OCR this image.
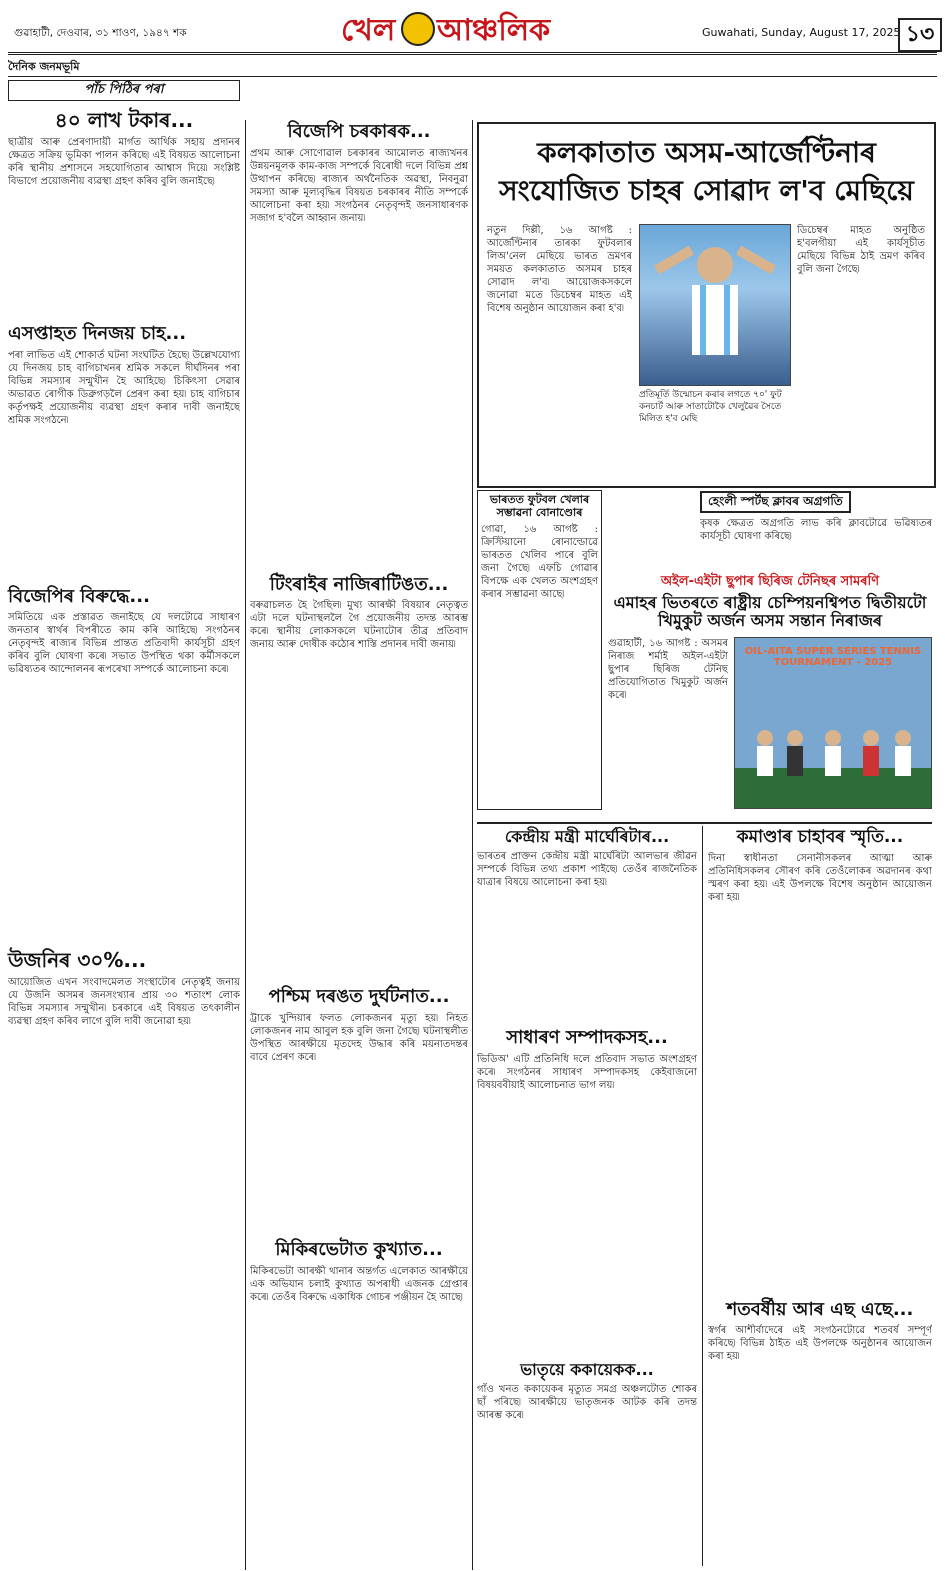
গুৱাহাটী, দেওবাৰ, ৩১ শাওণ, ১৯৪৭ শক	খেল আঞ্চলিক	Guwahati, Sunday, August 17, 2025 ১৩
দৈনিক জনমভূমি
পাঁচ পিঠিৰ পৰা
৪০ লাখ টকাৰ...
ছাত্ৰীয় আৰু প্ৰেৰণাদায়ী মাৰ্গত আৰ্থিক সহায় প্ৰদানৰ ক্ষেত্ৰত সক্ৰিয় ভূমিকা পালন কৰিছে৷ এই বিষয়ত আলোচনা কৰি স্থানীয় প্ৰশাসনে সহযোগিতাৰ আশ্বাস দিয়ে৷ সংশ্লিষ্ট বিভাগে প্ৰয়োজনীয় ব্যৱস্থা গ্ৰহণ কৰিব বুলি জনাইছে৷
এসপ্তাহত দিনজয় চাহ...
পৰা লাভিত এই শোকাৰ্ত ঘটনা সংঘটিত হৈছে৷ উল্লেখযোগ্য যে দিনজয় চাহ বাগিচাখনৰ শ্ৰমিক সকলে দীৰ্ঘদিনৰ পৰা বিভিন্ন সমস্যাৰ সন্মুখীন হৈ আহিছে৷ চিকিৎসা সেৱাৰ অভাৱত ৰোগীক ডিব্ৰুগড়লৈ প্ৰেৰণ কৰা হয়৷ চাহ বাগিচাৰ কৰ্তৃপক্ষই প্ৰয়োজনীয় ব্যৱস্থা গ্ৰহণ কৰাৰ দাবী জনাইছে শ্ৰমিক সংগঠনে৷
বিজেপিৰ বিৰুদ্ধে...
সমিতিয়ে এক প্ৰস্তাৱত জনাইছে যে দলটোৱে সাধাৰণ জনতাৰ স্বাৰ্থৰ বিপৰীতে কাম কৰি আহিছে৷ সংগঠনৰ নেতৃবৃন্দই ৰাজ্যৰ বিভিন্ন প্ৰান্তত প্ৰতিবাদী কাৰ্যসূচী গ্ৰহণ কৰিব বুলি ঘোষণা কৰে৷ সভাত উপস্থিত থকা কৰ্মীসকলে ভৱিষ্যতৰ আন্দোলনৰ ৰূপৰেখা সম্পৰ্কে আলোচনা কৰে৷
উজনিৰ ৩০%...
আয়োজিত এখন সংবাদমেলত সংস্থাটোৰ নেতৃত্বই জনায় যে উজনি অসমৰ জনসংখ্যাৰ প্ৰায় ৩০ শতাংশ লোক বিভিন্ন সমস্যাৰ সন্মুখীন৷ চৰকাৰে এই বিষয়ত তৎকালীন ব্যৱস্থা গ্ৰহণ কৰিব লাগে বুলি দাবী জনোৱা হয়৷
বিজেপি চৰকাৰক...
প্ৰথম আৰু সোণোৱাল চৰকাৰৰ আমোলত ৰাজ্যখনৰ উন্নয়নমূলক কাম-কাজ সম্পৰ্কে বিৰোধী দলে বিভিন্ন প্ৰশ্ন উত্থাপন কৰিছে৷ ৰাজ্যৰ অৰ্থনৈতিক অৱস্থা, নিবনুৱা সমস্যা আৰু মূল্যবৃদ্ধিৰ বিষয়ত চৰকাৰৰ নীতি সম্পৰ্কে আলোচনা কৰা হয়৷ সংগঠনৰ নেতৃবৃন্দই জনসাধাৰণক সজাগ হ'বলৈ আহ্বান জনায়৷
টিংৰাইৰ নাজিৰাটিঙত...
বৰুৱাচলত হৈ গৈছিল৷ মুখ্য আৰক্ষী বিষয়াৰ নেতৃত্বত এটা দলে ঘটনাস্থললৈ গৈ প্ৰয়োজনীয় তদন্ত আৰম্ভ কৰে৷ স্থানীয় লোকসকলে ঘটনাটোৰ তীব্ৰ প্ৰতিবাদ জনায় আৰু দোষীক কঠোৰ শাস্তি প্ৰদানৰ দাবী জনায়৷
পশ্চিম দৰঙত দুৰ্ঘটনাত...
ট্ৰাকে খুন্দিয়াৰ ফলত লোকজনৰ মৃত্যু হয়৷ নিহত লোকজনৰ নাম আবুল হক বুলি জনা গৈছে৷ ঘটনাস্থলীত উপস্থিত আৰক্ষীয়ে মৃতদেহ উদ্ধাৰ কৰি ময়নাতদন্তৰ বাবে প্ৰেৰণ কৰে৷
মিকিৰভেটাত কুখ্যাত...
মিকিৰভেটা আৰক্ষী থানাৰ অন্তৰ্গত এলেকাত আৰক্ষীয়ে এক অভিযান চলাই কুখ্যাত অপৰাধী এজনক গ্ৰেপ্তাৰ কৰে৷ তেওঁৰ বিৰুদ্ধে একাধিক গোচৰ পঞ্জীয়ন হৈ আছে৷
কলকাতাত অসম-আৰ্জেণ্টিনাৰ সংযোজিত চাহৰ সোৱাদ ল'ব মেছিয়ে
নতুন দিল্লী, ১৬ আগষ্ট : আৰ্জেণ্টিনাৰ তাৰকা ফুটবলাৰ লিঅ'নেল মেছিয়ে ভাৰত ভ্ৰমণৰ সময়ত কলকাতাত অসমৰ চাহৰ সোৱাদ ল'ব৷ আয়োজকসকলে জনোৱা মতে ডিচেম্বৰ মাহত এই বিশেষ অনুষ্ঠান আয়োজন কৰা হ'ব৷
প্ৰতিমূৰ্তি উন্মোচন কৰাৰ লগতে ৭০' ফুট কনচাৰ্ট আৰু সাতাটোকৈ খেলুৱৈৰ সৈতে মিলিত হ'ব মেছি
ডিচেম্বৰ মাহত অনুষ্ঠিত হ'বলগীয়া এই কাৰ্যসূচীত মেছিয়ে বিভিন্ন ঠাই ভ্ৰমণ কৰিব বুলি জনা গৈছে৷
ভাৰতত ফুটবল খেলাৰ সম্ভাৱনা বোনাণ্ডোৰ
গোৱা, ১৬ আগষ্ট : ক্ৰিস্টিয়ানো ৰোনাল্ডোৱে ভাৰতত খেলিব পাৰে বুলি জনা গৈছে৷ এফচি গোৱাৰ বিপক্ষে এক খেলত অংশগ্ৰহণ কৰাৰ সম্ভাৱনা আছে৷
হেংলী স্পৰ্টছ ক্লাবৰ অগ্ৰগতি
কৃষক ক্ষেত্ৰত অগ্ৰগতি লাভ কৰি ক্লাবটোৱে ভৱিষ্যতৰ কাৰ্যসূচী ঘোষণা কৰিছে৷
অইল-এইটা ছুপাৰ ছিৰিজ টেনিছৰ সামৰণি
এমাহৰ ভিতৰতে ৰাষ্ট্ৰীয় চেম্পিয়নশ্বিপত দ্বিতীয়টো খিমুকুট অৰ্জন অসম সন্তান নিৰাজৰ
গুৱাহাটী, ১৬ আগষ্ট : অসমৰ নিৰাজ শৰ্মাই অইল-এইটা ছুপাৰ ছিৰিজ টেনিছ প্ৰতিযোগিতাত খিমুকুট অৰ্জন কৰে৷
OIL-AITA SUPER SERIES TENNIS TOURNAMENT - 2025
কেন্দ্ৰীয় মন্ত্ৰী মাৰ্ঘেৰিটাৰ...
ভাৰতৰ প্ৰাক্তন কেন্দ্ৰীয় মন্ত্ৰী মাৰ্ঘেৰিটা আলভাৰ জীৱন সম্পৰ্কে বিভিন্ন তথ্য প্ৰকাশ পাইছে৷ তেওঁৰ ৰাজনৈতিক যাত্ৰাৰ বিষয়ে আলোচনা কৰা হয়৷
সাধাৰণ সম্পাদকসহ...
ভিডিঅ' এটি প্ৰতিনিধি দলে প্ৰতিবাদ সভাত অংশগ্ৰহণ কৰে৷ সংগঠনৰ সাধাৰণ সম্পাদকসহ কেইবাজনো বিষয়ববীয়াই আলোচনাত ভাগ লয়৷
ভাতৃয়ে ককায়েকক...
গাঁও খনত ককায়েকৰ মৃত্যুত সমগ্ৰ অঞ্চলটোত শোকৰ ছাঁ পৰিছে৷ আৰক্ষীয়ে ভাতৃজনক আটক কৰি তদন্ত আৰম্ভ কৰে৷
কমাণ্ডাৰ চাহাবৰ স্মৃতি...
দিনা স্বাধীনতা সেনানীসকলৰ আত্মা আৰু প্ৰতিনিধিসকলৰ সৌৰণ কৰি তেওঁলোকৰ অৱদানৰ কথা স্মৰণ কৰা হয়৷ এই উপলক্ষে বিশেষ অনুষ্ঠান আয়োজন কৰা হয়৷
শতবৰ্ষীয় আৰ এছ এছে...
স্বৰ্গৰ আশীৰ্বাদেৰে এই সংগঠনটোৱে শতবৰ্ষ সম্পূৰ্ণ কৰিছে৷ বিভিন্ন ঠাইত এই উপলক্ষে অনুষ্ঠানৰ আয়োজন কৰা হয়৷
